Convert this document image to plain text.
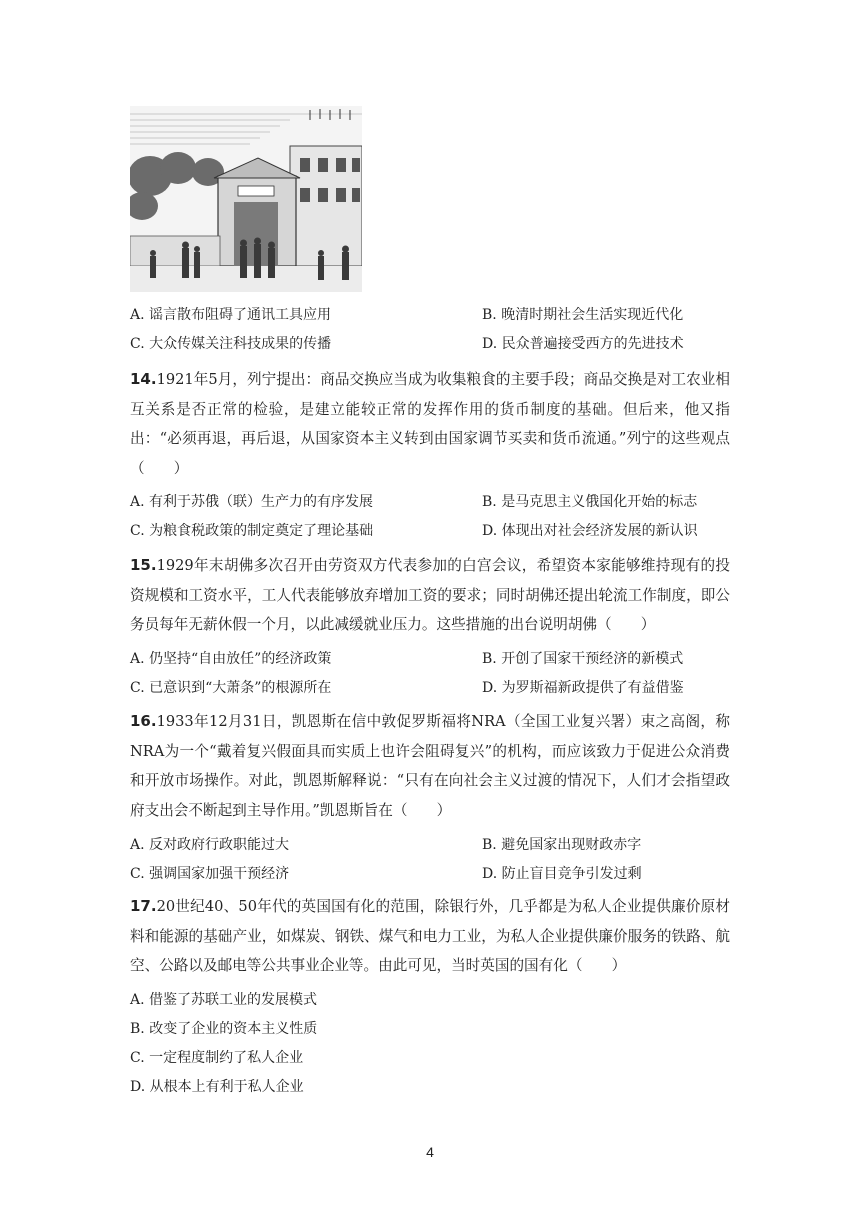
A. 谣言散布阻碍了通讯工具应用	B. 晚清时期社会生活实现近代化
C. 大众传媒关注科技成果的传播	D. 民众普遍接受西方的先进技术
14.1921年5月，列宁提出：商品交换应当成为收集粮食的主要手段；商品交换是对工农业相互关系是否正常的检验，是建立能较正常的发挥作用的货币制度的基础。但后来，他又指出：“必须再退，再后退，从国家资本主义转到由国家调节买卖和货币流通。”列宁的这些观点（　　）
A. 有利于苏俄（联）生产力的有序发展	B. 是马克思主义俄国化开始的标志
C. 为粮食税政策的制定奠定了理论基础	D. 体现出对社会经济发展的新认识
15.1929年末胡佛多次召开由劳资双方代表参加的白宫会议，希望资本家能够维持现有的投资规模和工资水平，工人代表能够放弃增加工资的要求；同时胡佛还提出轮流工作制度，即公务员每年无薪休假一个月，以此减缓就业压力。这些措施的出台说明胡佛（　　）
A. 仍坚持“自由放任”的经济政策	B. 开创了国家干预经济的新模式
C. 已意识到“大萧条”的根源所在	D. 为罗斯福新政提供了有益借鉴
16.1933年12月31日，凯恩斯在信中敦促罗斯福将NRA（全国工业复兴署）束之高阁，称NRA为一个“戴着复兴假面具而实质上也许会阻碍复兴”的机构，而应该致力于促进公众消费和开放市场操作。对此，凯恩斯解释说：“只有在向社会主义过渡的情况下，人们才会指望政府支出会不断起到主导作用。”凯恩斯旨在（　　）
A. 反对政府行政职能过大	B. 避免国家出现财政赤字
C. 强调国家加强干预经济	D. 防止盲目竞争引发过剩
17.20世纪40、50年代的英国国有化的范围，除银行外，几乎都是为私人企业提供廉价原材料和能源的基础产业，如煤炭、钢铁、煤气和电力工业，为私人企业提供廉价服务的铁路、航空、公路以及邮电等公共事业企业等。由此可见，当时英国的国有化（　　）
A. 借鉴了苏联工业的发展模式
B. 改变了企业的资本主义性质
C. 一定程度制约了私人企业
D. 从根本上有利于私人企业
4
